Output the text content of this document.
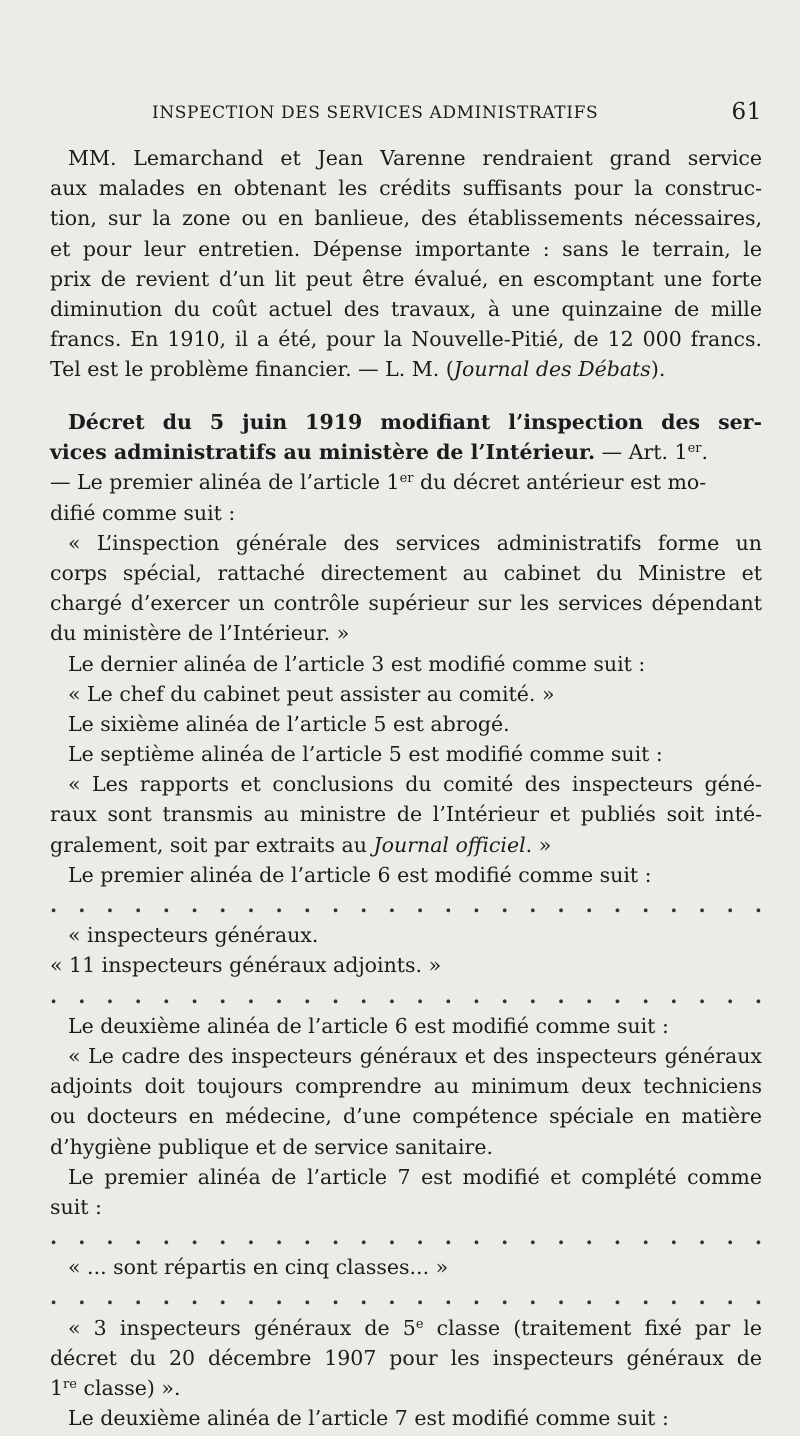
INSPECTION DES SERVICES ADMINISTRATIFS	61
MM. Lemarchand et Jean Varenne rendraient grand service
aux malades en obtenant les crédits suffisants pour la construc-
tion, sur la zone ou en banlieue, des établissements nécessaires,
et pour leur entretien. Dépense importante : sans le terrain, le
prix de revient d’un lit peut être évalué, en escomptant une forte
diminution du coût actuel des travaux, à une quinzaine de mille
francs. En 1910, il a été, pour la Nouvelle-Pitié, de 12 000 francs.
Tel est le problème financier. — L. M. (Journal des Débats).
Décret du 5 juin 1919 modifiant l’inspection des ser-
vices administratifs au ministère de l’Intérieur. — Art. 1er.
— Le premier alinéa de l’article 1er du décret antérieur est mo-
difié comme suit :
« L’inspection générale des services administratifs forme un
corps spécial, rattaché directement au cabinet du Ministre et
chargé d’exercer un contrôle supérieur sur les services dépendant
du ministère de l’Intérieur. »
Le dernier alinéa de l’article 3 est modifié comme suit :
« Le chef du cabinet peut assister au comité. »
Le sixième alinéa de l’article 5 est abrogé.
Le septième alinéa de l’article 5 est modifié comme suit :
« Les rapports et conclusions du comité des inspecteurs géné-
raux sont transmis au ministre de l’Intérieur et publiés soit inté-
gralement, soit par extraits au Journal officiel. »
Le premier alinéa de l’article 6 est modifié comme suit :
. . . . . . . . . . . . . . . . . . . . . . . . . .
« inspecteurs généraux.
« 11 inspecteurs généraux adjoints. »
. . . . . . . . . . . . . . . . . . . . . . . . . .
Le deuxième alinéa de l’article 6 est modifié comme suit :
« Le cadre des inspecteurs généraux et des inspecteurs généraux
adjoints doit toujours comprendre au minimum deux techniciens
ou docteurs en médecine, d’une compétence spéciale en matière
d’hygiène publique et de service sanitaire.
Le premier alinéa de l’article 7 est modifié et complété comme
suit :
. . . . . . . . . . . . . . . . . . . . . . . . . .
« ... sont répartis en cinq classes... »
. . . . . . . . . . . . . . . . . . . . . . . . . .
« 3 inspecteurs généraux de 5e classe (traitement fixé par le
décret du 20 décembre 1907 pour les inspecteurs généraux de
1re classe) ».
Le deuxième alinéa de l’article 7 est modifié comme suit :
